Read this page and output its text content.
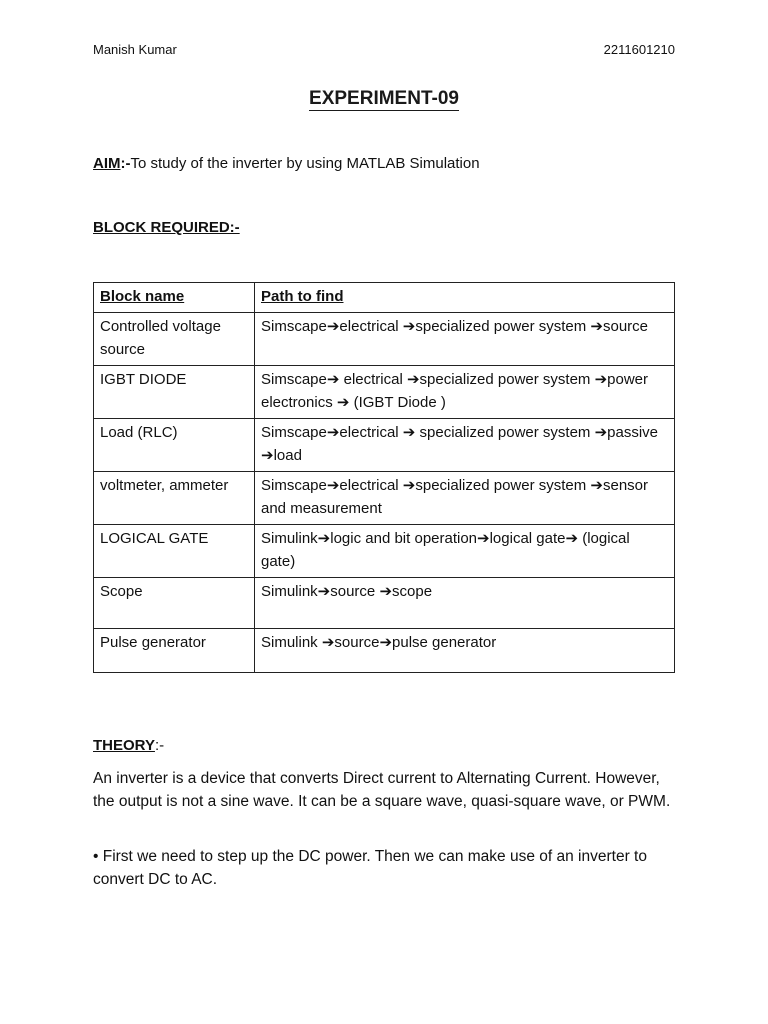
Manish Kumar	2211601210
EXPERIMENT-09
AIM:-To study of the inverter by using MATLAB Simulation
BLOCK REQUIRED:-
Block name	Path to find
Controlled voltage source	Simscape➔electrical ➔specialized power system ➔source
IGBT DIODE	Simscape➔ electrical ➔specialized power system ➔power electronics ➔ (IGBT Diode )
Load (RLC)	Simscape➔electrical ➔ specialized power system ➔passive ➔load
voltmeter, ammeter	Simscape➔electrical ➔specialized power system ➔sensor and measurement
LOGICAL GATE	Simulink➔logic and bit operation➔logical gate➔ (logical gate)
Scope	Simulink➔source ➔scope
Pulse generator	Simulink ➔source➔pulse generator
THEORY:-

An inverter is a device that converts Direct current to Alternating Current. However, the output is not a sine wave. It can be a square wave, quasi-square wave, or PWM.

• First we need to step up the DC power. Then we can make use of an inverter to convert DC to AC.
